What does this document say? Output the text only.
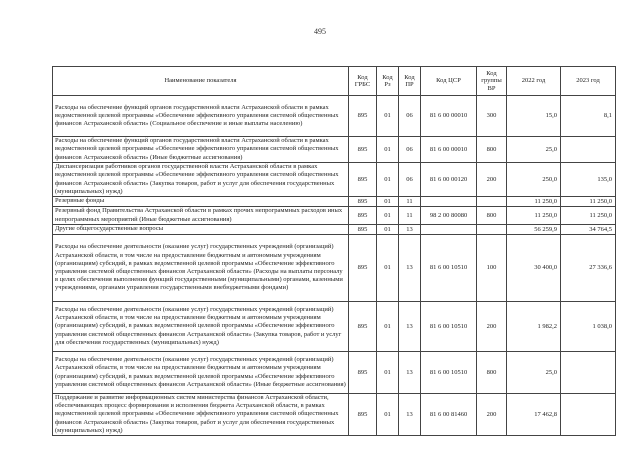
495
Наименование показателя	Код ГРБС	Код Рз	Код ПР	Код ЦСР	Код группы ВР	2022 год	2023 год
Расходы на обеспечение функций органов государственной власти Астраханской области в рамках ведомственной целевой программы «Обеспечение эффективного управления системой общественных финансов Астраханской области» (Социальное обеспечение и иные выплаты населению)	895	01	06	81 6 00 00010	300	15,0	8,1
Расходы на обеспечение функций органов государственной власти Астраханской области в рамках ведомственной целевой программы «Обеспечение эффективного управления системой общественных финансов Астраханской области» (Иные бюджетные ассигнования)	895	01	06	81 6 00 00010	800	25,0	
Диспансеризация работников органов государственной власти Астраханской области в рамках ведомственной целевой программы «Обеспечение эффективного управления системой общественных финансов Астраханской области» (Закупка товаров, работ и услуг для обеспечения государственных (муниципальных) нужд)	895	01	06	81 6 00 00120	200	250,0	135,0
Резервные фонды	895	01	11			11 250,0	11 250,0
Резервный фонд Правительства Астраханской области в рамках прочих непрограммных расходов иных непрограммных мероприятий (Иные бюджетные ассигнования)	895	01	11	98 2 00 80080	800	11 250,0	11 250,0
Другие общегосударственные вопросы	895	01	13			56 259,9	34 764,5
Расходы на обеспечение деятельности (оказание услуг) государственных учреждений (организаций) Астраханской области, в том числе на предоставление бюджетным и автономным учреждениям (организациям) субсидий, в рамках ведомственной целевой программы «Обеспечение эффективного управления системой общественных финансов Астраханской области» (Расходы на выплаты персоналу в целях обеспечения выполнения функций государственными (муниципальными) органами, казенными учреждениями, органами управления государственными внебюджетными фондами)	895	01	13	81 6 00 10510	100	30 400,0	27 336,6
Расходы на обеспечение деятельности (оказание услуг) государственных учреждений (организаций) Астраханской области, в том числе на предоставление бюджетным и автономным учреждениям (организациям) субсидий, в рамках ведомственной целевой программы «Обеспечение эффективного управления системой общественных финансов Астраханской области» (Закупка товаров, работ и услуг для обеспечения государственных (муниципальных) нужд)	895	01	13	81 6 00 10510	200	1 982,2	1 038,0
Расходы на обеспечение деятельности (оказание услуг) государственных учреждений (организаций) Астраханской области, в том числе на предоставление бюджетным и автономным учреждениям (организациям) субсидий, в рамках ведомственной целевой программы «Обеспечение эффективного управления системой общественных финансов Астраханской области» (Иные бюджетные ассигнования)	895	01	13	81 6 00 10510	800	25,0	
Поддержание и развитие информационных систем министерства финансов Астраханской области, обеспечивающих процесс формирования и исполнения бюджета Астраханской области, в рамках ведомственной целевой программы «Обеспечение эффективного управления системой общественных финансов Астраханской области» (Закупка товаров, работ и услуг для обеспечения государственных (муниципальных) нужд)	895	01	13	81 6 00 81460	200	17 462,8	
